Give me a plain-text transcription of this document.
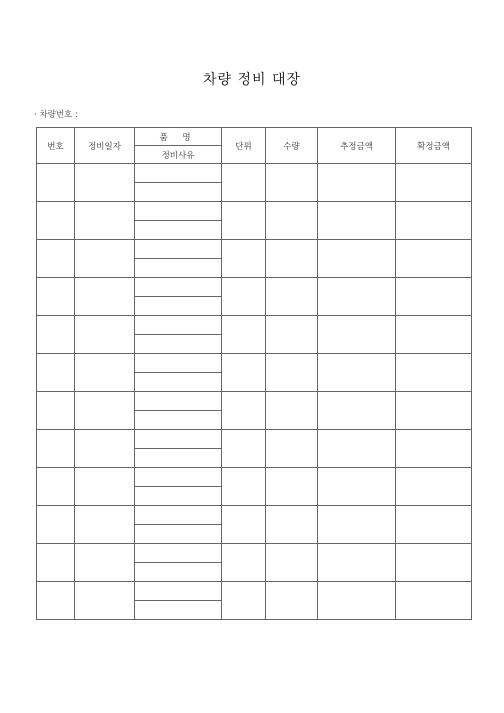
차량 정비 대장
· 차량번호 :
번호	정비일자	품 명	단위	수량	추정금액	확정금액
		정비사유				
